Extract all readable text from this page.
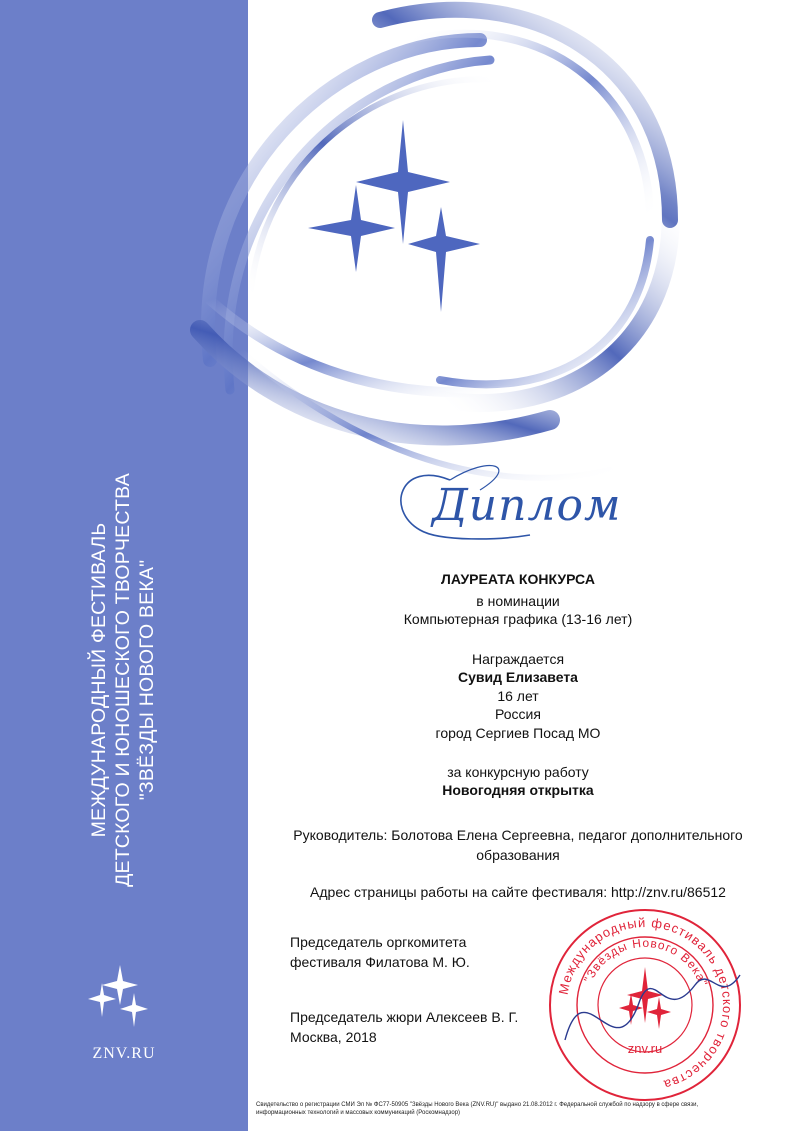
МЕЖДУНАРОДНЫЙ ФЕСТИВАЛЬ ДЕТСКОГО И ЮНОШЕСКОГО ТВОРЧЕСТВА "ЗВЁЗДЫ НОВОГО ВЕКА"
ZNV.RU
Диплом
ЛАУРЕАТА КОНКУРСА
в номинации
Компьютерная графика (13-16 лет)
Награждается
Сувид Елизавета
16 лет
Россия
город Сергиев Посад МО
за конкурсную работу
Новогодняя открытка
Руководитель: Болотова Елена Сергеевна, педагог дополнительного
образования
Адрес страницы работы на сайте фестиваля: http://znv.ru/86512
Председатель оргкомитета
фестиваля Филатова М. Ю.
Председатель жюри Алексеев В. Г.
Москва, 2018
Международный фестиваль детского творчества
"Звёзды Нового Века"
znv.ru
Свидетельство о регистрации СМИ Эл № ФС77-50905 "Звёзды Нового Века (ZNV.RU)" выдано 21.08.2012 г. Федеральной службой по надзору в сфере связи,
информационных технологий и массовых коммуникаций (Роскомнадзор)
